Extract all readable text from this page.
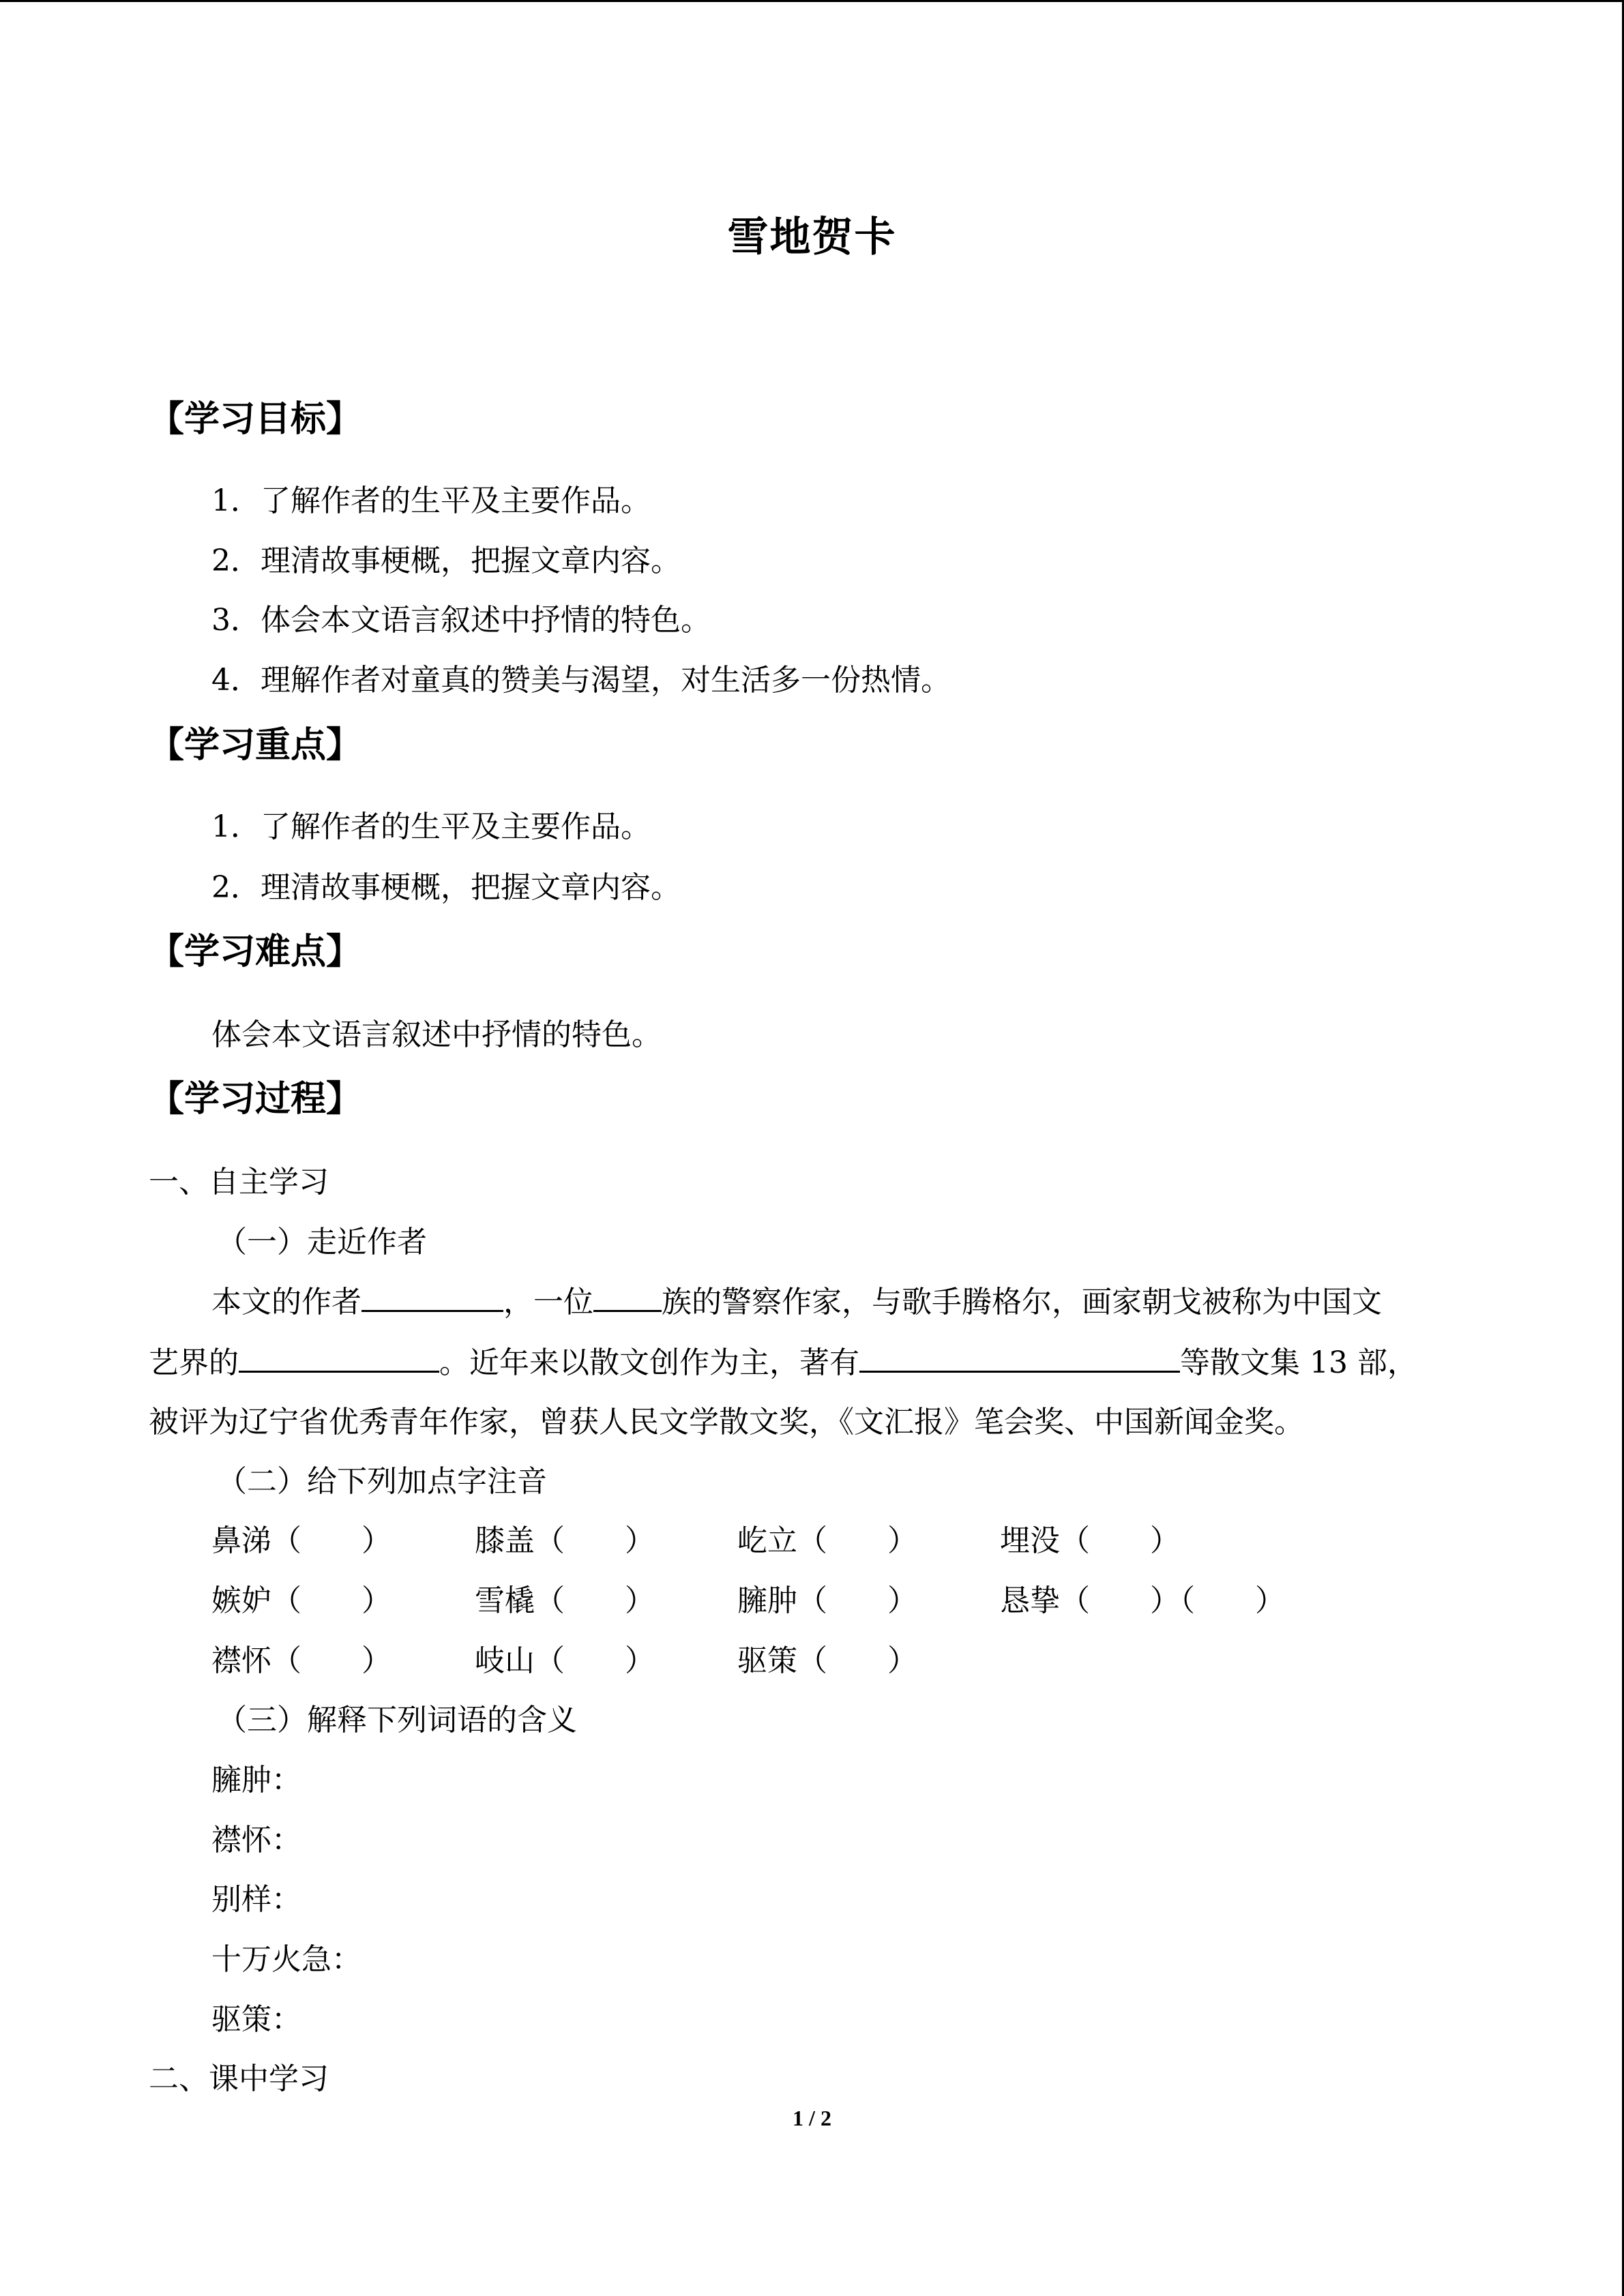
雪地贺卡
【学习目标】
1．了解作者的生平及主要作品。
2．理清故事梗概，把握文章内容。
3．体会本文语言叙述中抒情的特色。
4．理解作者对童真的赞美与渴望，对生活多一份热情。
【学习重点】
1．了解作者的生平及主要作品。
2．理清故事梗概，把握文章内容。
【学习难点】
体会本文语言叙述中抒情的特色。
【学习过程】
一、自主学习
（一）走近作者
本文的作者	，一位 族的警察作家，与歌手腾格尔，画家朝戈被称为中国文
艺界的	。近年来以散文创作为主，著有	等散文集 13 部，
被评为辽宁省优秀青年作家，曾获人民文学散文奖，《文汇报》笔会奖、中国新闻金奖。
（二）给下列加点字注音
鼻涕（　　）	膝盖（　　）	屹立（　　）	埋没（　　）
嫉妒（　　）	雪橇（　　）	臃肿（　　）	恳挚（　　）（　　）
襟怀（　　）	岐山（　　）	驱策（　　）
（三）解释下列词语的含义
臃肿：
襟怀：
别样：
十万火急：
驱策：
二、课中学习
1 / 2
